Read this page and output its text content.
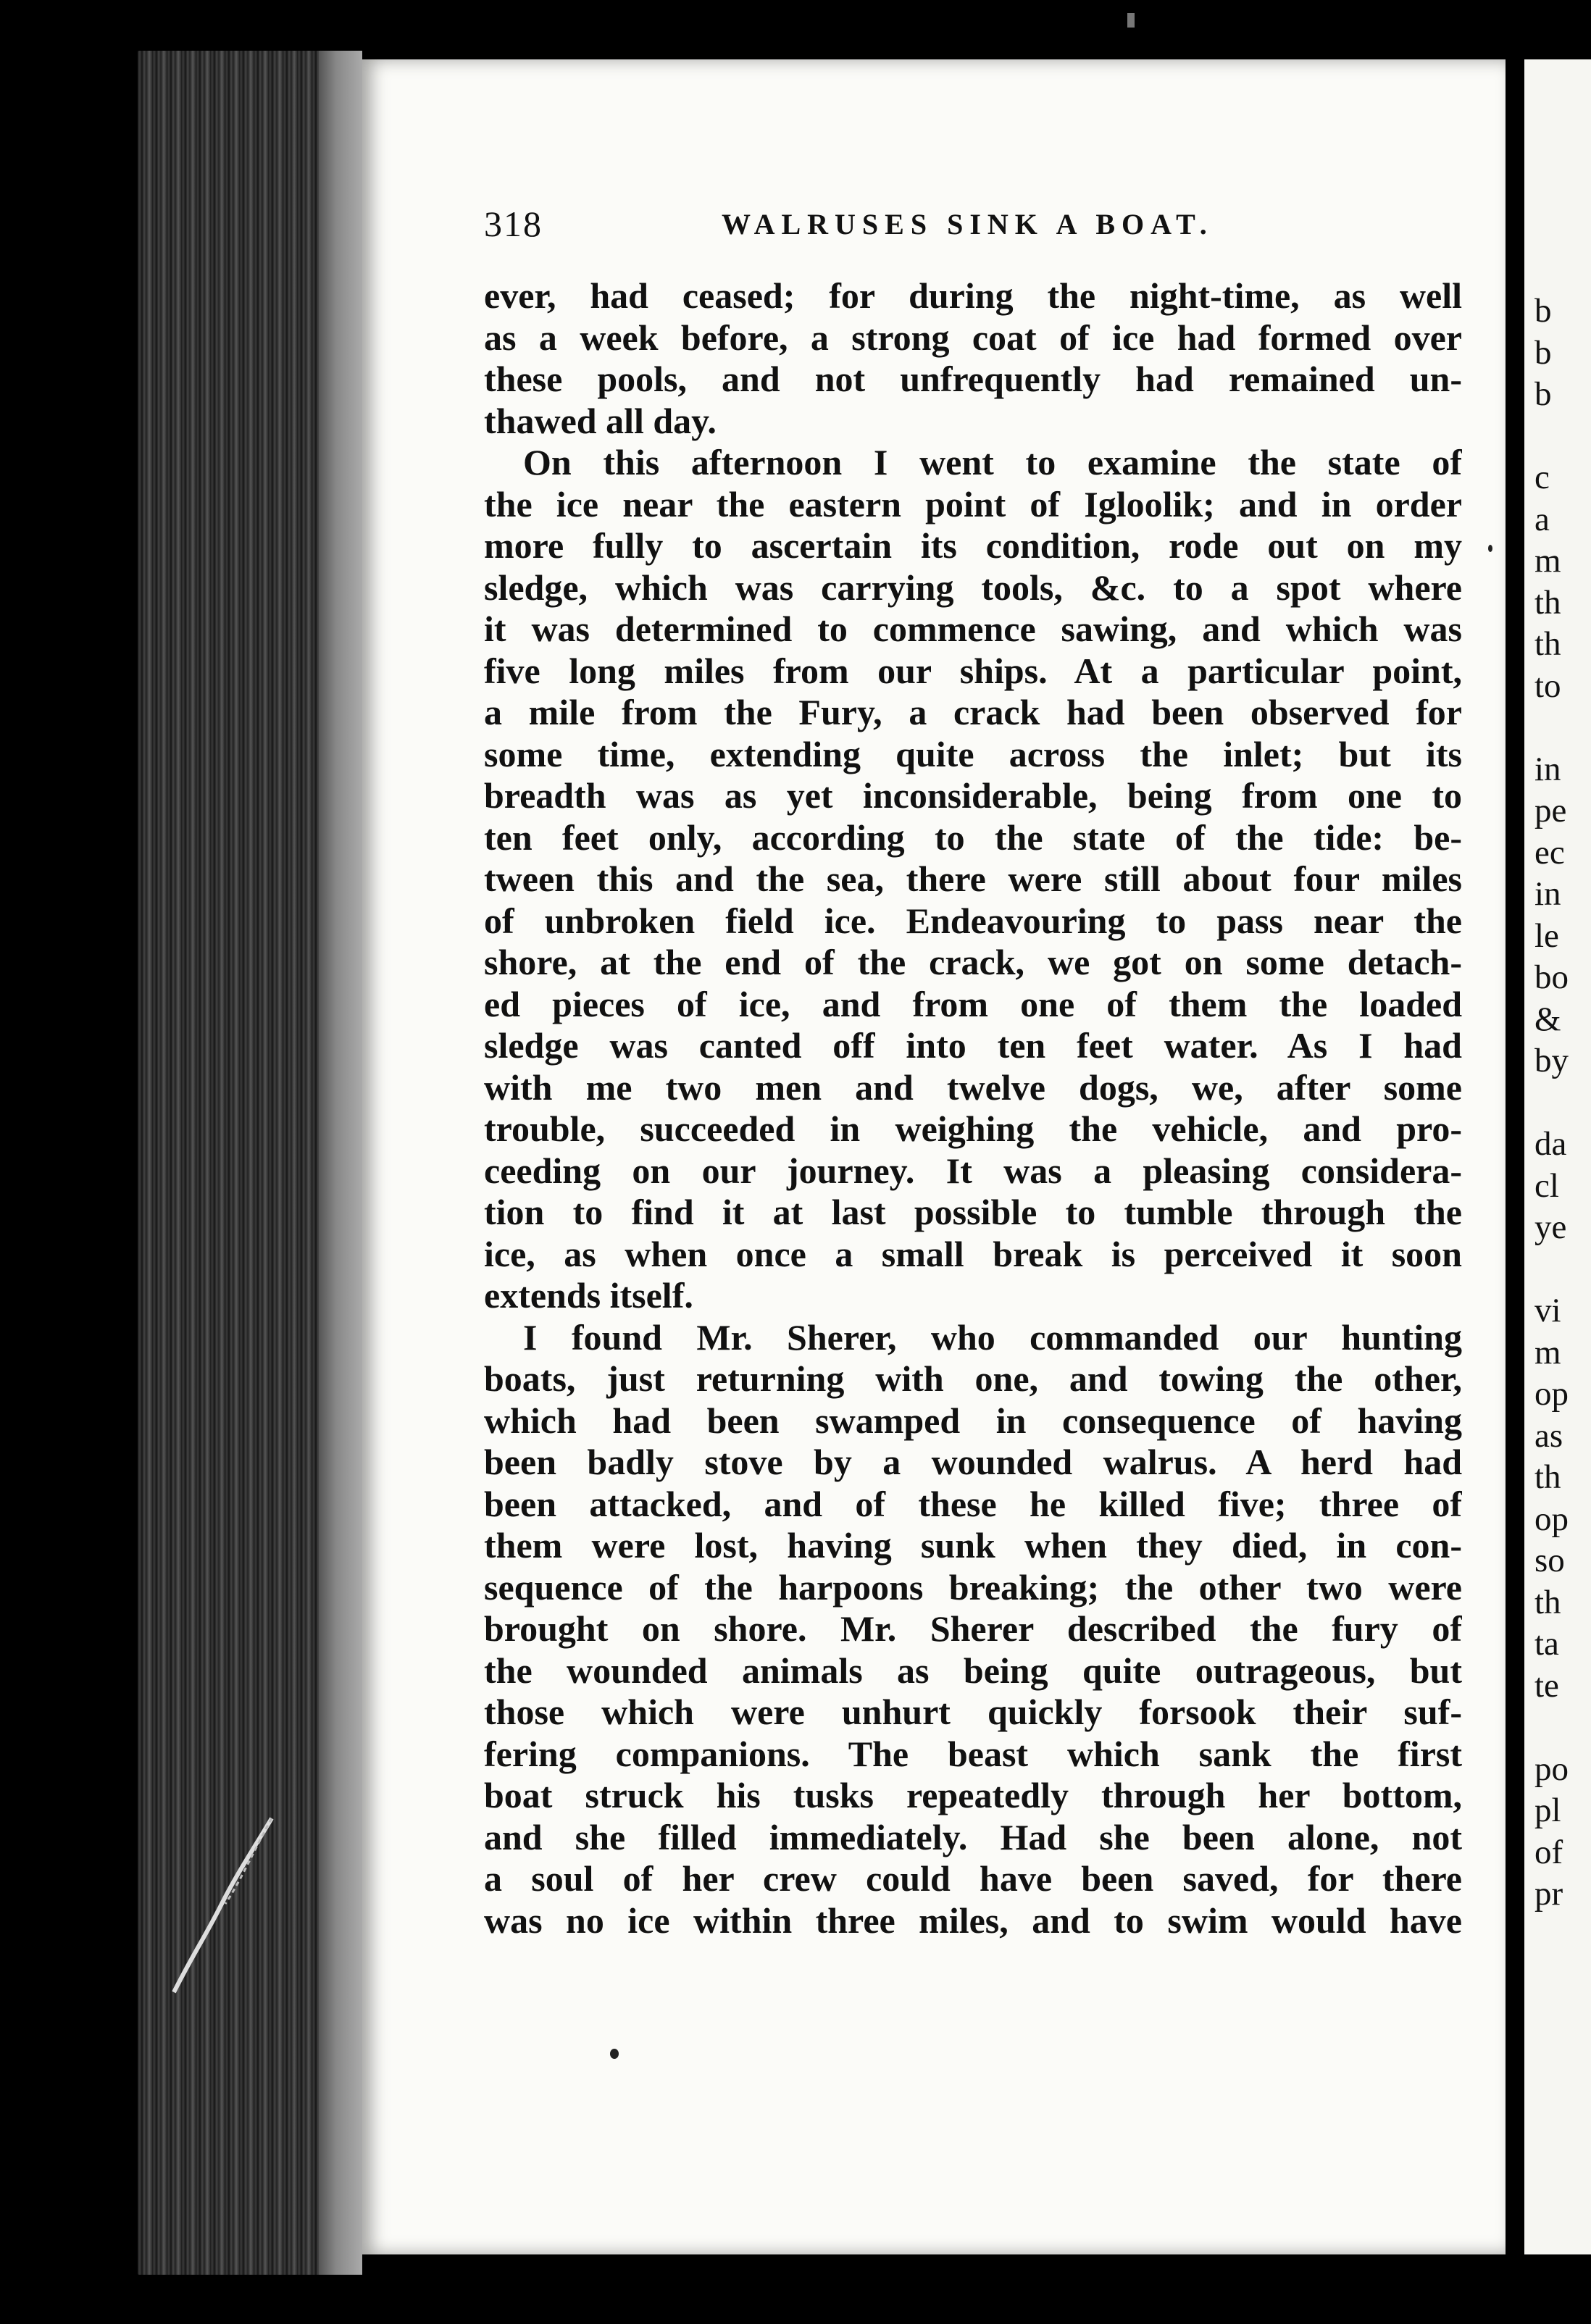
318	WALRUSES SINK A BOAT.
ever, had ceased; for during the night-time, as well
as a week before, a strong coat of ice had formed over
these pools, and not unfrequently had remained un-
thawed all day.
On this afternoon I went to examine the state of
the ice near the eastern point of Igloolik; and in order
more fully to ascertain its condition, rode out on my
sledge, which was carrying tools, &c. to a spot where
it was determined to commence sawing, and which was
five long miles from our ships. At a particular point,
a mile from the Fury, a crack had been observed for
some time, extending quite across the inlet; but its
breadth was as yet inconsiderable, being from one to
ten feet only, according to the state of the tide: be-
tween this and the sea, there were still about four miles
of unbroken field ice. Endeavouring to pass near the
shore, at the end of the crack, we got on some detach-
ed pieces of ice, and from one of them the loaded
sledge was canted off into ten feet water. As I had
with me two men and twelve dogs, we, after some
trouble, succeeded in weighing the vehicle, and pro-
ceeding on our journey. It was a pleasing considera-
tion to find it at last possible to tumble through the
ice, as when once a small break is perceived it soon
extends itself.
I found Mr. Sherer, who commanded our hunting
boats, just returning with one, and towing the other,
which had been swamped in consequence of having
been badly stove by a wounded walrus. A herd had
been attacked, and of these he killed five; three of
them were lost, having sunk when they died, in con-
sequence of the harpoons breaking; the other two were
brought on shore. Mr. Sherer described the fury of
the wounded animals as being quite outrageous, but
those which were unhurt quickly forsook their suf-
fering companions. The beast which sank the first
boat struck his tusks repeatedly through her bottom,
and she filled immediately. Had she been alone, not
a soul of her crew could have been saved, for there
was no ice within three miles, and to swim would have
b
b
b
c
a
m
th
th
to
in
pe
ec
in
le
bo
&
by
da
cl
ye
vi
m
op
as
th
op
so
th
ta
te
po
pl
of
pr
